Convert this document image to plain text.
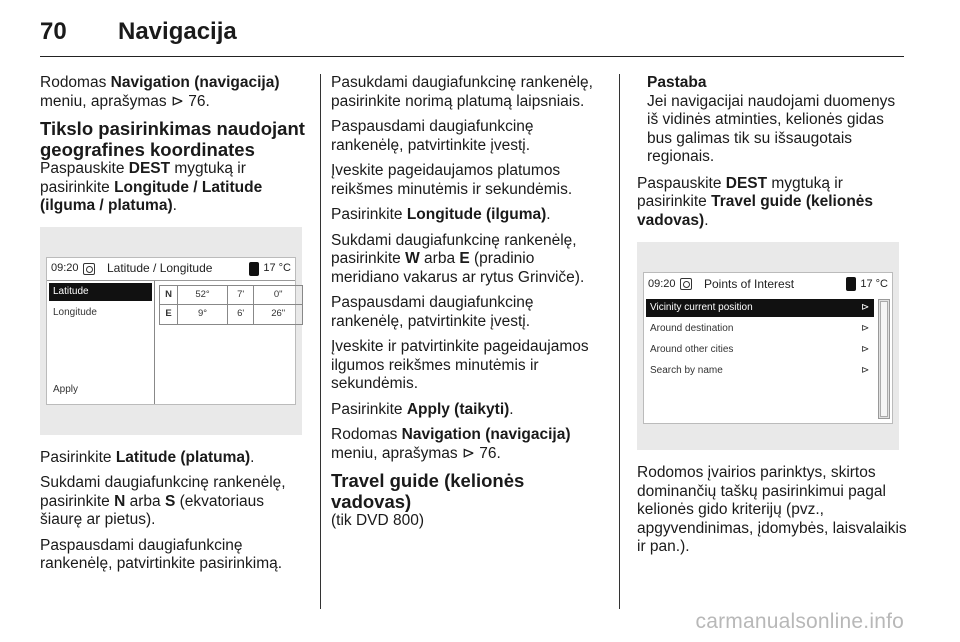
70	Navigacija

Rodomas Navigation (navigacija) meniu, aprašymas ⊳ 76.

Tikslo pasirinkimas naudojant geografines koordinates

Paspauskite DEST mygtuką ir pasirinkite Longitude / Latitude (ilguma / platuma).

09:20	Latitude / Longitude	17 °C
Latitude
Longitude
Apply
N	52°	7'	0"
E	9°	6'	26"

Pasirinkite Latitude (platuma).

Sukdami daugiafunkcinę rankenėlę, pasirinkite N arba S (ekvatoriaus šiaurę ar pietus).

Paspausdami daugiafunkcinę rankenėlę, patvirtinkite pasirinkimą.

Pasukdami daugiafunkcinę rankenėlę, pasirinkite norimą platumą laipsniais.

Paspausdami daugiafunkcinę rankenėlę, patvirtinkite įvestį.

Įveskite pageidaujamos platumos reikšmes minutėmis ir sekundėmis.

Pasirinkite Longitude (ilguma).

Sukdami daugiafunkcinę rankenėlę, pasirinkite W arba E (pradinio meridiano vakarus ar rytus Grinviče).

Paspausdami daugiafunkcinę rankenėlę, patvirtinkite įvestį.

Įveskite ir patvirtinkite pageidaujamos ilgumos reikšmes minutėmis ir sekundėmis.

Pasirinkite Apply (taikyti).

Rodomas Navigation (navigacija) meniu, aprašymas ⊳ 76.

Travel guide (kelionės vadovas)

(tik DVD 800)

Pastaba
Jei navigacijai naudojami duomenys iš vidinės atminties, kelionės gidas bus galimas tik su išsaugotais regionais.

Paspauskite DEST mygtuką ir pasirinkite Travel guide (kelionės vadovas).

09:20	Points of Interest	17 °C
Vicinity current position	⊳
Around destination	⊳
Around other cities	⊳
Search by name	⊳

Rodomos įvairios parinktys, skirtos dominančių taškų pasirinkimui pagal kelionės gido kriterijų (pvz., apgyvendinimas, įdomybės, laisvalaikis ir pan.).

carmanualsonline.info
